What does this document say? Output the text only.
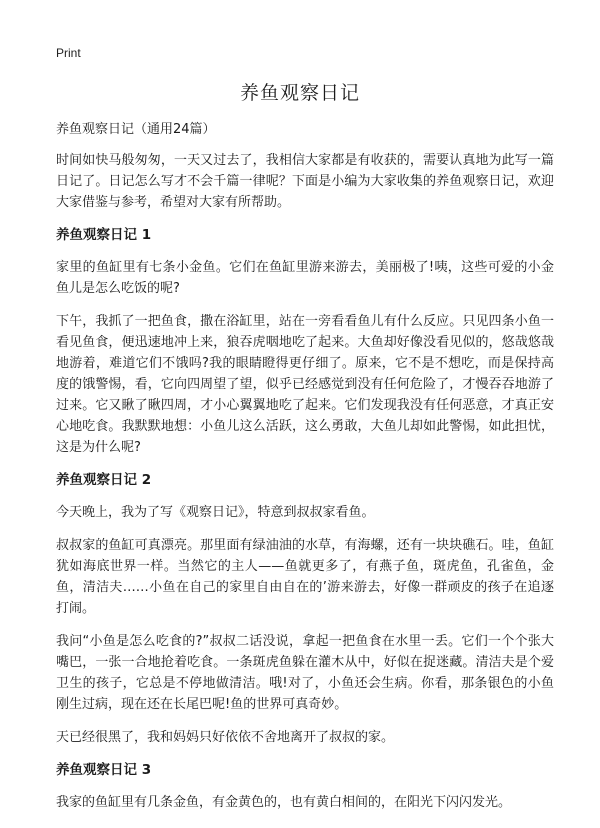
Print
养鱼观察日记

养鱼观察日记（通用24篇）

时间如快马般匆匆，一天又过去了，我相信大家都是有收获的，需要认真地为此写一篇日记了。日记怎么写才不会千篇一律呢？下面是小编为大家收集的养鱼观察日记，欢迎大家借鉴与参考，希望对大家有所帮助。

养鱼观察日记 1

家里的鱼缸里有七条小金鱼。它们在鱼缸里游来游去，美丽极了!咦，这些可爱的小金鱼儿是怎么吃饭的呢?

下午，我抓了一把鱼食，撒在浴缸里，站在一旁看看鱼儿有什么反应。只见四条小鱼一看见鱼食，便迅速地冲上来，狼吞虎咽地吃了起来。大鱼却好像没看见似的，悠哉悠哉地游着，难道它们不饿吗?我的眼睛瞪得更仔细了。原来，它不是不想吃，而是保持高度的饿警惕，看，它向四周望了望，似乎已经感觉到没有任何危险了，才慢吞吞地游了过来。它又瞅了瞅四周，才小心翼翼地吃了起来。它们发现我没有任何恶意，才真正安心地吃食。我默默地想：小鱼儿这么活跃，这么勇敢，大鱼儿却如此警惕，如此担忧，这是为什么呢?

养鱼观察日记 2

今天晚上，我为了写《观察日记》，特意到叔叔家看鱼。

叔叔家的鱼缸可真漂亮。那里面有绿油油的水草，有海螺，还有一块块礁石。哇，鱼缸犹如海底世界一样。当然它的主人——鱼就更多了，有燕子鱼，斑虎鱼，孔雀鱼，金鱼，清洁夫……小鱼在自己的家里自由自在的’游来游去，好像一群顽皮的孩子在追逐打闹。

我问“小鱼是怎么吃食的?”叔叔二话没说，拿起一把鱼食在水里一丢。它们一个个张大嘴巴，一张一合地抢着吃食。一条斑虎鱼躲在灌木从中，好似在捉迷藏。清洁夫是个爱卫生的孩子，它总是不停地做清洁。哦!对了，小鱼还会生病。你看，那条银色的小鱼刚生过病，现在还在长尾巴呢!鱼的世界可真奇妙。

天已经很黑了，我和妈妈只好依依不舍地离开了叔叔的家。

养鱼观察日记 3

我家的鱼缸里有几条金鱼，有金黄色的，也有黄白相间的，在阳光下闪闪发光。
